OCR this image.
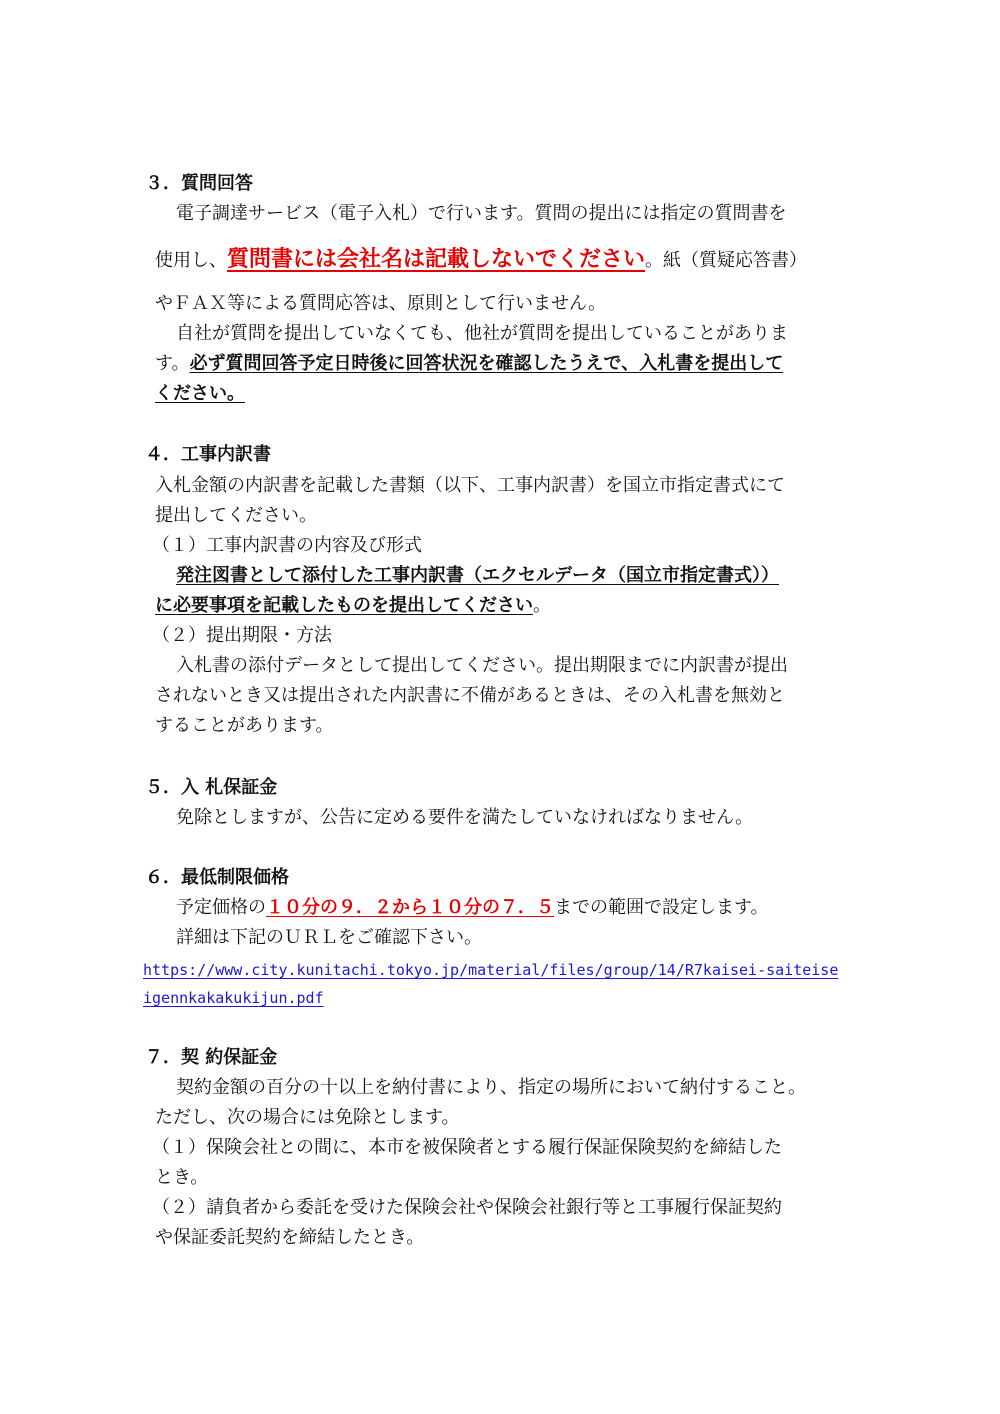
３．質問回答
電子調達サービス（電子入札）で行います。質問の提出には指定の質問書を
使用し、質問書には会社名は記載しないでください。紙（質疑応答書）
やＦＡＸ等による質問応答は、原則として行いません。
自社が質問を提出していなくても、他社が質問を提出していることがありま
す。必ず質問回答予定日時後に回答状況を確認したうえで、入札書を提出して
ください。
４．工事内訳書
入札金額の内訳書を記載した書類（以下、工事内訳書）を国立市指定書式にて
提出してください。
（１）工事内訳書の内容及び形式
発注図書として添付した工事内訳書（エクセルデータ（国立市指定書式））
に必要事項を記載したものを提出してください。
（２）提出期限・方法
入札書の添付データとして提出してください。提出期限までに内訳書が提出
されないとき又は提出された内訳書に不備があるときは、その入札書を無効と
することがあります。
５．入 札保証金
免除としますが、公告に定める要件を満たしていなければなりません。
６．最低制限価格
予定価格の１０分の９．２から１０分の７．５までの範囲で設定します。
詳細は下記のＵＲＬをご確認下さい。
https://www.city.kunitachi.tokyo.jp/material/files/group/14/R7kaisei-saiteise
igennkakakukijun.pdf
７．契 約保証金
契約金額の百分の十以上を納付書により、指定の場所において納付すること。
ただし、次の場合には免除とします。
（１）保険会社との間に、本市を被保険者とする履行保証保険契約を締結した
とき。
（２）請負者から委託を受けた保険会社や保険会社銀行等と工事履行保証契約
や保証委託契約を締結したとき。
